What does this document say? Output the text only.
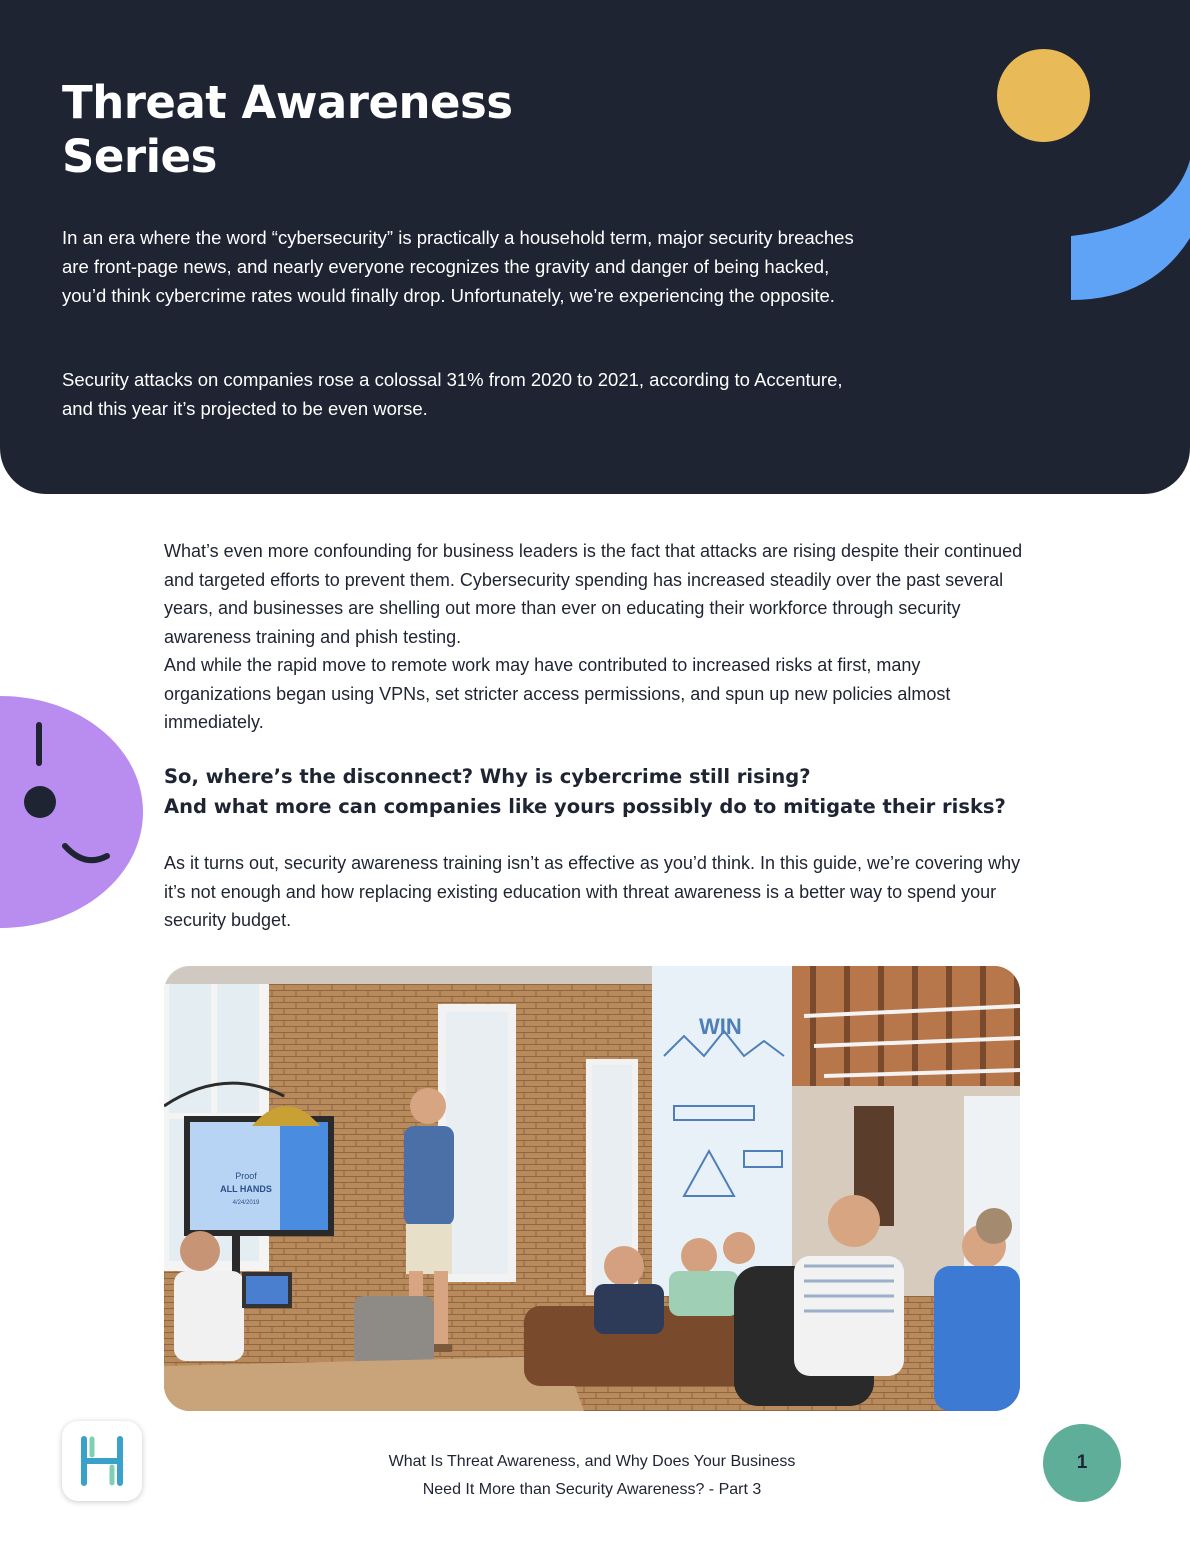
Threat Awareness
Series

In an era where the word “cybersecurity” is practically a household term, major security breaches are front-page news, and nearly everyone recognizes the gravity and danger of being hacked, you’d think cybercrime rates would finally drop. Unfortunately, we’re experiencing the opposite.

Security attacks on companies rose a colossal 31% from 2020 to 2021, according to Accenture, and this year it’s projected to be even worse.

What’s even more confounding for business leaders is the fact that attacks are rising despite their continued and targeted efforts to prevent them. Cybersecurity spending has increased steadily over the past several years, and businesses are shelling out more than ever on educating their workforce through security awareness training and phish testing.
And while the rapid move to remote work may have contributed to increased risks at first, many organizations began using VPNs, set stricter access permissions, and spun up new policies almost immediately.

So, where’s the disconnect? Why is cybercrime still rising?
And what more can companies like yours possibly do to mitigate their risks?

As it turns out, security awareness training isn’t as effective as you’d think. In this guide, we’re covering why it’s not enough and how replacing existing education with threat awareness is a better way to spend your security budget.

WIN
Proof
ALL HANDS
4/24/2019

What Is Threat Awareness, and Why Does Your Business
Need It More than Security Awareness? - Part 3

1
